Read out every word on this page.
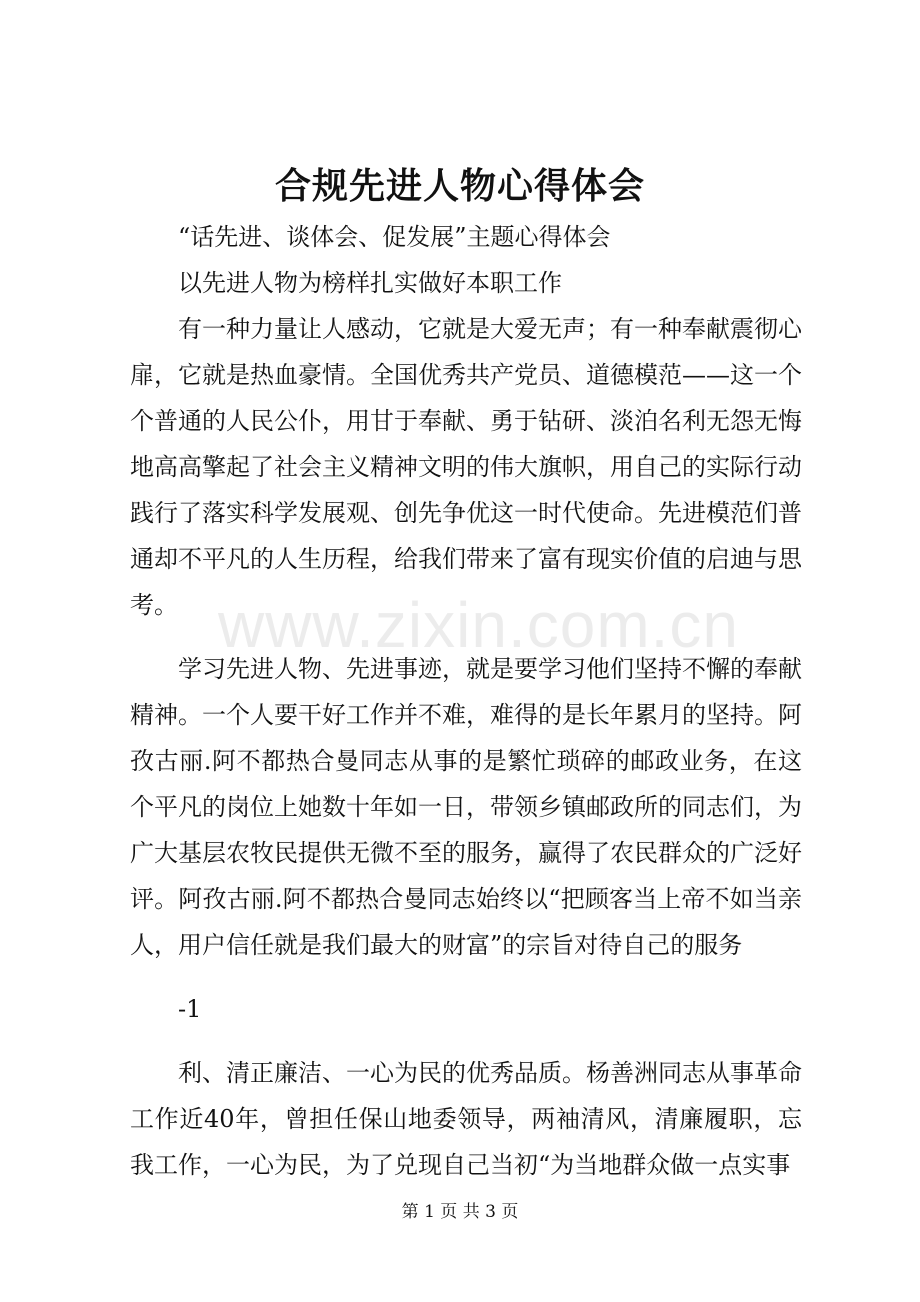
合规先进人物心得体会
www.zixin.com.cn

“话先进、谈体会、促发展”主题心得体会

以先进人物为榜样扎实做好本职工作

有一种力量让人感动，它就是大爱无声；有一种奉献震彻心扉，它就是热血豪情。全国优秀共产党员、道德模范——这一个个普通的人民公仆，用甘于奉献、勇于钻研、淡泊名利无怨无悔地高高擎起了社会主义精神文明的伟大旗帜，用自己的实际行动践行了落实科学发展观、创先争优这一时代使命。先进模范们普通却不平凡的人生历程，给我们带来了富有现实价值的启迪与思考。

学习先进人物、先进事迹，就是要学习他们坚持不懈的奉献精神。一个人要干好工作并不难，难得的是长年累月的坚持。阿孜古丽.阿不都热合曼同志从事的是繁忙琐碎的邮政业务，在这个平凡的岗位上她数十年如一日，带领乡镇邮政所的同志们，为广大基层农牧民提供无微不至的服务，赢得了农民群众的广泛好评。阿孜古丽.阿不都热合曼同志始终以“把顾客当上帝不如当亲人，用户信任就是我们最大的财富”的宗旨对待自己的服务

-1

利、清正廉洁、一心为民的优秀品质。杨善洲同志从事革命工作近40年，曾担任保山地委领导，两袖清风，清廉履职，忘我工作，一心为民，为了兑现自己当初“为当地群众做一点实事

第 1 页 共 3 页
